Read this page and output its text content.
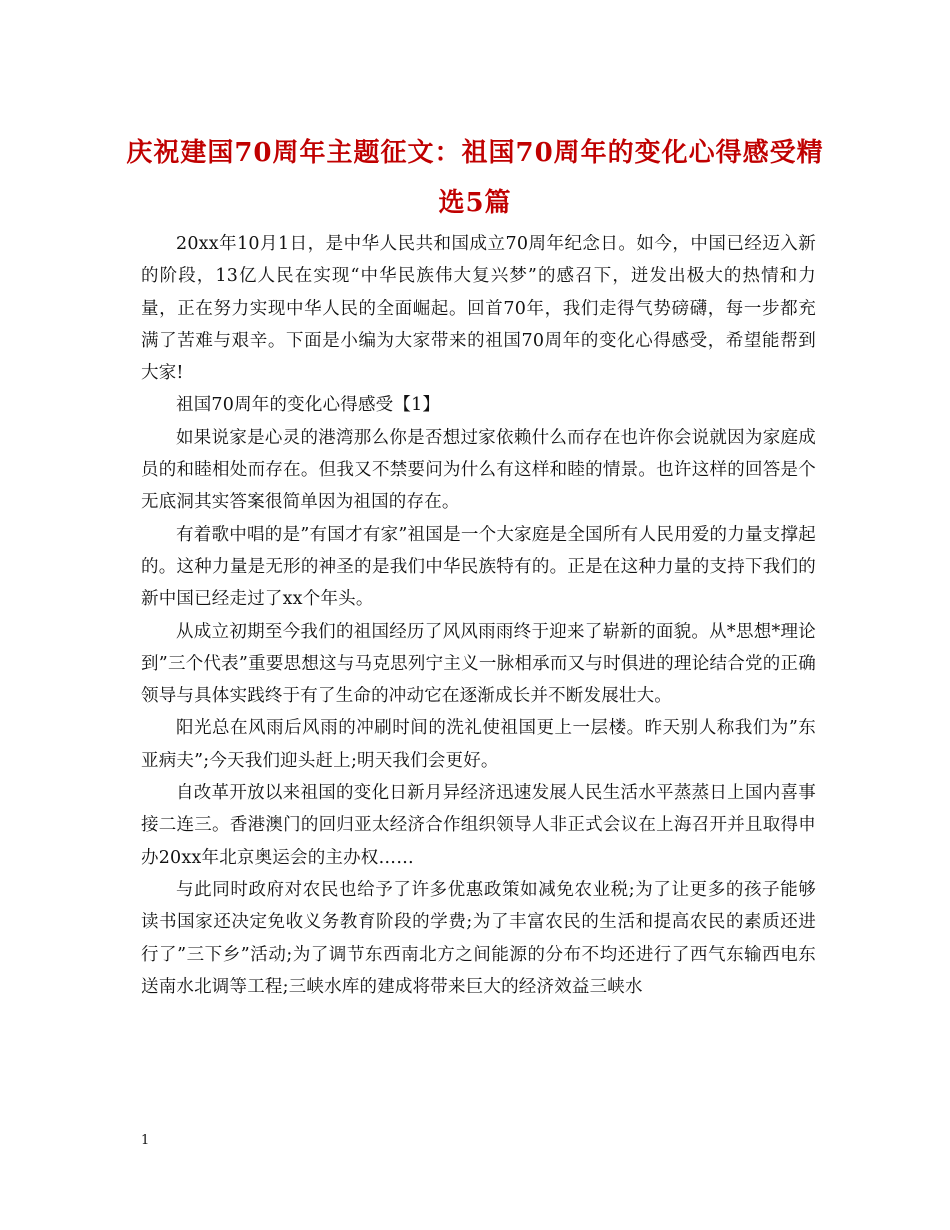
庆祝建国70周年主题征文：祖国70周年的变化心得感受精选5篇

20xx年10月1日，是中华人民共和国成立70周年纪念日。如今，中国已经迈入新的阶段，13亿人民在实现“中华民族伟大复兴梦”的感召下，迸发出极大的热情和力量，正在努力实现中华人民的全面崛起。回首70年，我们走得气势磅礴，每一步都充满了苦难与艰辛。下面是小编为大家带来的祖国70周年的变化心得感受，希望能帮到大家!

祖国70周年的变化心得感受【1】

如果说家是心灵的港湾那么你是否想过家依赖什么而存在也许你会说就因为家庭成员的和睦相处而存在。但我又不禁要问为什么有这样和睦的情景。也许这样的回答是个无底洞其实答案很简单因为祖国的存在。

有着歌中唱的是”有国才有家”祖国是一个大家庭是全国所有人民用爱的力量支撑起的。这种力量是无形的神圣的是我们中华民族特有的。正是在这种力量的支持下我们的新中国已经走过了xx个年头。

从成立初期至今我们的祖国经历了风风雨雨终于迎来了崭新的面貌。从*思想*理论到”三个代表”重要思想这与马克思列宁主义一脉相承而又与时俱进的理论结合党的正确领导与具体实践终于有了生命的冲动它在逐渐成长并不断发展壮大。

阳光总在风雨后风雨的冲刷时间的洗礼使祖国更上一层楼。昨天别人称我们为”东亚病夫”;今天我们迎头赶上;明天我们会更好。

自改革开放以来祖国的变化日新月异经济迅速发展人民生活水平蒸蒸日上国内喜事接二连三。香港澳门的回归亚太经济合作组织领导人非正式会议在上海召开并且取得申办20xx年北京奥运会的主办权……

与此同时政府对农民也给予了许多优惠政策如减免农业税;为了让更多的孩子能够读书国家还决定免收义务教育阶段的学费;为了丰富农民的生活和提高农民的素质还进行了”三下乡”活动;为了调节东西南北方之间能源的分布不均还进行了西气东输西电东送南水北调等工程;三峡水库的建成将带来巨大的经济效益三峡水

1
